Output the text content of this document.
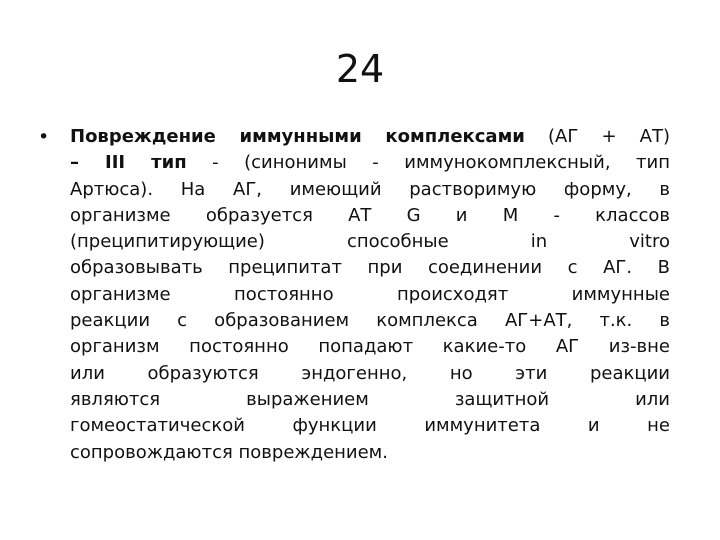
24
• Повреждение иммунными комплексами (АГ + АТ)
– III тип - (синонимы - иммунокомплексный, тип
Артюса). На АГ, имеющий растворимую форму, в
организме образуется АТ G и M - классов
(преципитирующие) способные in vitro
образовывать преципитат при соединении с АГ. В
организме постоянно происходят иммунные
реакции с образованием комплекса АГ+АТ, т.к. в
организм постоянно попадают какие-то АГ из-вне
или образуются эндогенно, но эти реакции
являются выражением защитной или
гомеостатической функции иммунитета и не
сопровождаются повреждением.
